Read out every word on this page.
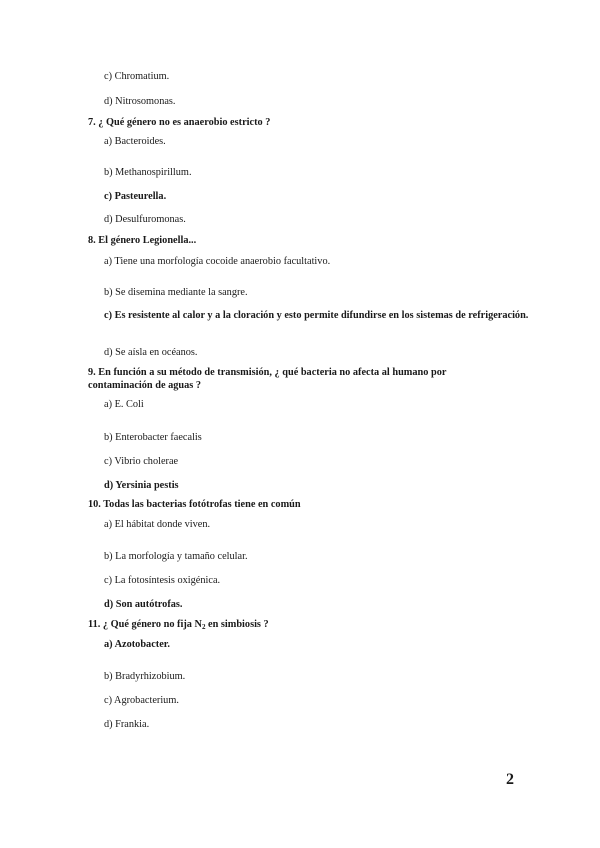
c) Chromatium.
d) Nitrosomonas.
7. ¿ Qué género no es anaerobio estricto ?
a) Bacteroides.
b) Methanospirillum.
c) Pasteurella.
d) Desulfuromonas.
8. El género Legionella...
a) Tiene una morfología cocoide anaerobio facultativo.
b) Se disemina mediante la sangre.
c) Es resistente al calor y a la cloración y esto permite difundirse en los sistemas de refrigeración.
d) Se aísla en océanos.
9. En función a su método de transmisión, ¿ qué bacteria no afecta al humano por contaminación de aguas ?
a) E. Coli
b) Enterobacter faecalis
c) Vibrio cholerae
d) Yersinia pestis
10. Todas las bacterias fotótrofas tiene en común
a) El hábitat donde viven.
b) La morfología y tamaño celular.
c) La fotosíntesis oxigénica.
d) Son autótrofas.
11. ¿ Qué género no fija $N_2$ en simbiosis ?
a) Azotobacter.
b) Bradyrhizobium.
c) Agrobacterium.
d) Frankia.
2
